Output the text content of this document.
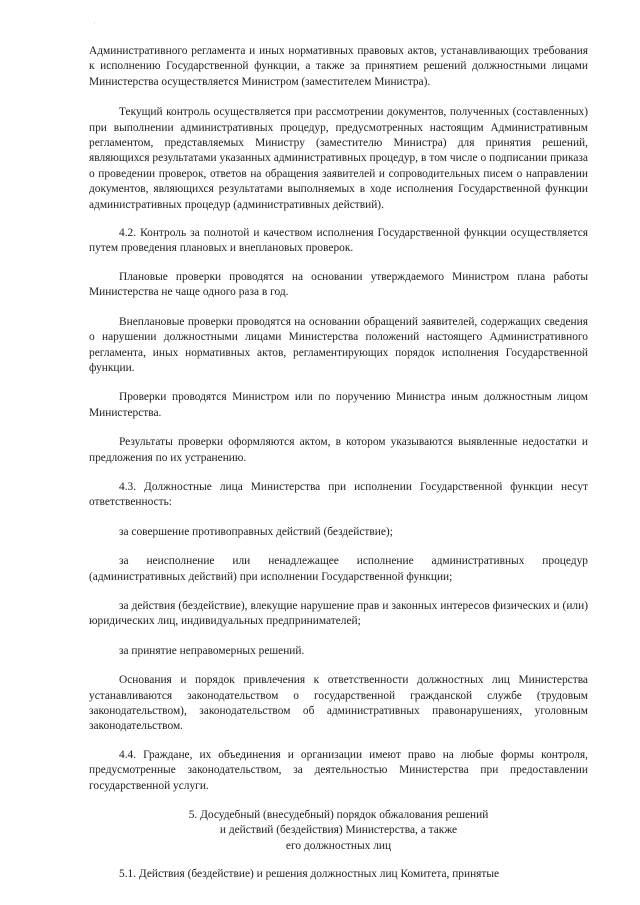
·

Административного регламента и иных нормативных правовых актов, устанавливающих требования к исполнению Государственной функции, а также за принятием решений должностными лицами Министерства осуществляется Министром (заместителем Министра).

Текущий контроль осуществляется при рассмотрении документов, полученных (составленных) при выполнении административных процедур, предусмотренных настоящим Административным регламентом, представляемых Министру (заместителю Министра) для принятия решений, являющихся результатами указанных административных процедур, в том числе о подписании приказа о проведении проверок, ответов на обращения заявителей и сопроводительных писем о направлении документов, являющихся результатами выполняемых в ходе исполнения Государственной функции административных процедур (административных действий).

4.2. Контроль за полнотой и качеством исполнения Государственной функции осуществляется путем проведения плановых и внеплановых проверок.

Плановые проверки проводятся на основании утверждаемого Министром плана работы Министерства не чаще одного раза в год.

Внеплановые проверки проводятся на основании обращений заявителей, содержащих сведения о нарушении должностными лицами Министерства положений настоящего Административного регламента, иных нормативных актов, регламентирующих порядок исполнения Государственной функции.

Проверки проводятся Министром или по поручению Министра иным должностным лицом Министерства.

Результаты проверки оформляются актом, в котором указываются выявленные недостатки и предложения по их устранению.

4.3. Должностные лица Министерства при исполнении Государственной функции несут ответственность:

за совершение противоправных действий (бездействие);

за неисполнение или ненадлежащее исполнение административных процедур (административных действий) при исполнении Государственной функции;

за действия (бездействие), влекущие нарушение прав и законных интересов физических и (или) юридических лиц, индивидуальных предпринимателей;

за принятие неправомерных решений.

Основания и порядок привлечения к ответственности должностных лиц Министерства устанавливаются законодательством о государственной гражданской службе (трудовым законодательством), законодательством об административных правонарушениях, уголовным законодательством.

4.4. Граждане, их объединения и организации имеют право на любые формы контроля, предусмотренные законодательством, за деятельностью Министерства при предоставлении государственной услуги.

5. Досудебный (внесудебный) порядок обжалования решений
и действий (бездействия) Министерства, а также
его должностных лиц

5.1. Действия (бездействие) и решения должностных лиц Комитета, принятые
